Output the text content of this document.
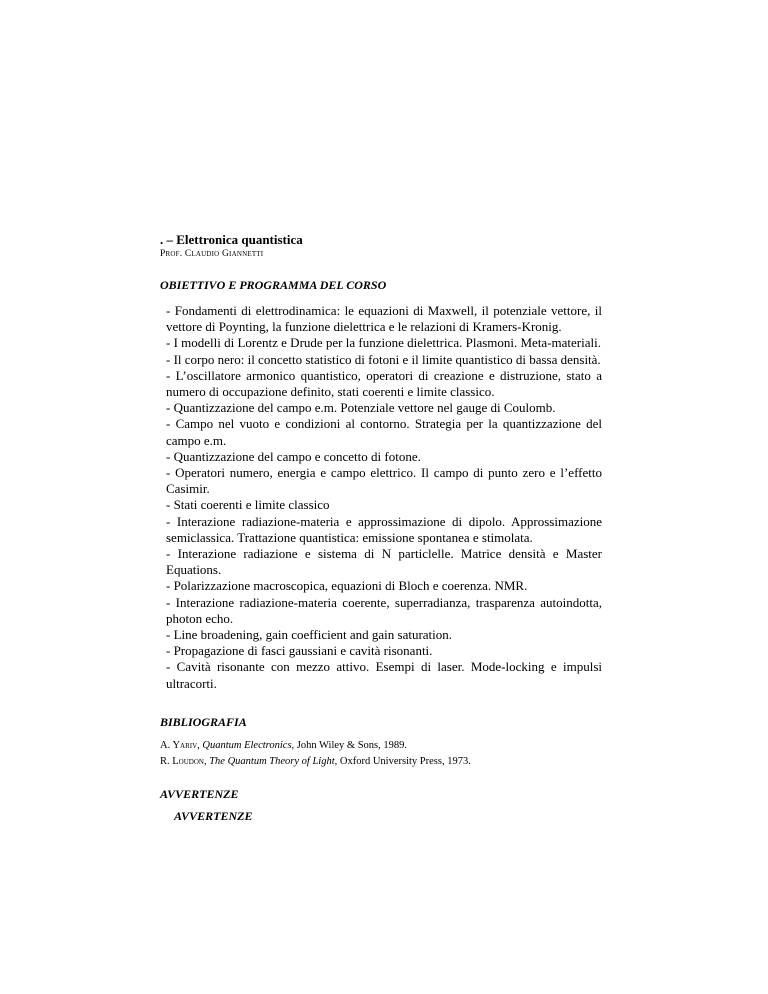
. – Elettronica quantistica

Prof. Claudio Giannetti

OBIETTIVO E PROGRAMMA DEL CORSO

- Fondamenti di elettrodinamica: le equazioni di Maxwell, il potenziale vettore, il vettore di Poynting, la funzione dielettrica e le relazioni di Kramers-Kronig.
- I modelli di Lorentz e Drude per la funzione dielettrica. Plasmoni. Meta-materiali.
- Il corpo nero: il concetto statistico di fotoni e il limite quantistico di bassa densità.
- L’oscillatore armonico quantistico, operatori di creazione e distruzione, stato a numero di occupazione definito, stati coerenti e limite classico.
- Quantizzazione del campo e.m. Potenziale vettore nel gauge di Coulomb.
- Campo nel vuoto e condizioni al contorno. Strategia per la quantizzazione del campo e.m.
- Quantizzazione del campo e concetto di fotone.
- Operatori numero, energia e campo elettrico. Il campo di punto zero e l’effetto Casimir.
- Stati coerenti e limite classico
- Interazione radiazione-materia e approssimazione di dipolo. Approssimazione semiclassica. Trattazione quantistica: emissione spontanea e stimolata.
- Interazione radiazione e sistema di N particlelle. Matrice densità e Master Equations.
- Polarizzazione macroscopica, equazioni di Bloch e coerenza. NMR.
- Interazione radiazione-materia coerente, superradianza, trasparenza autoindotta, photon echo.
- Line broadening, gain coefficient and gain saturation.
- Propagazione di fasci gaussiani e cavità risonanti.
- Cavità risonante con mezzo attivo. Esempi di laser. Mode-locking e impulsi ultracorti.

BIBLIOGRAFIA

A. Yariv, Quantum Electronics, John Wiley & Sons, 1989.
R. Loudon, The Quantum Theory of Light, Oxford University Press, 1973.

AVVERTENZE

AVVERTENZE
